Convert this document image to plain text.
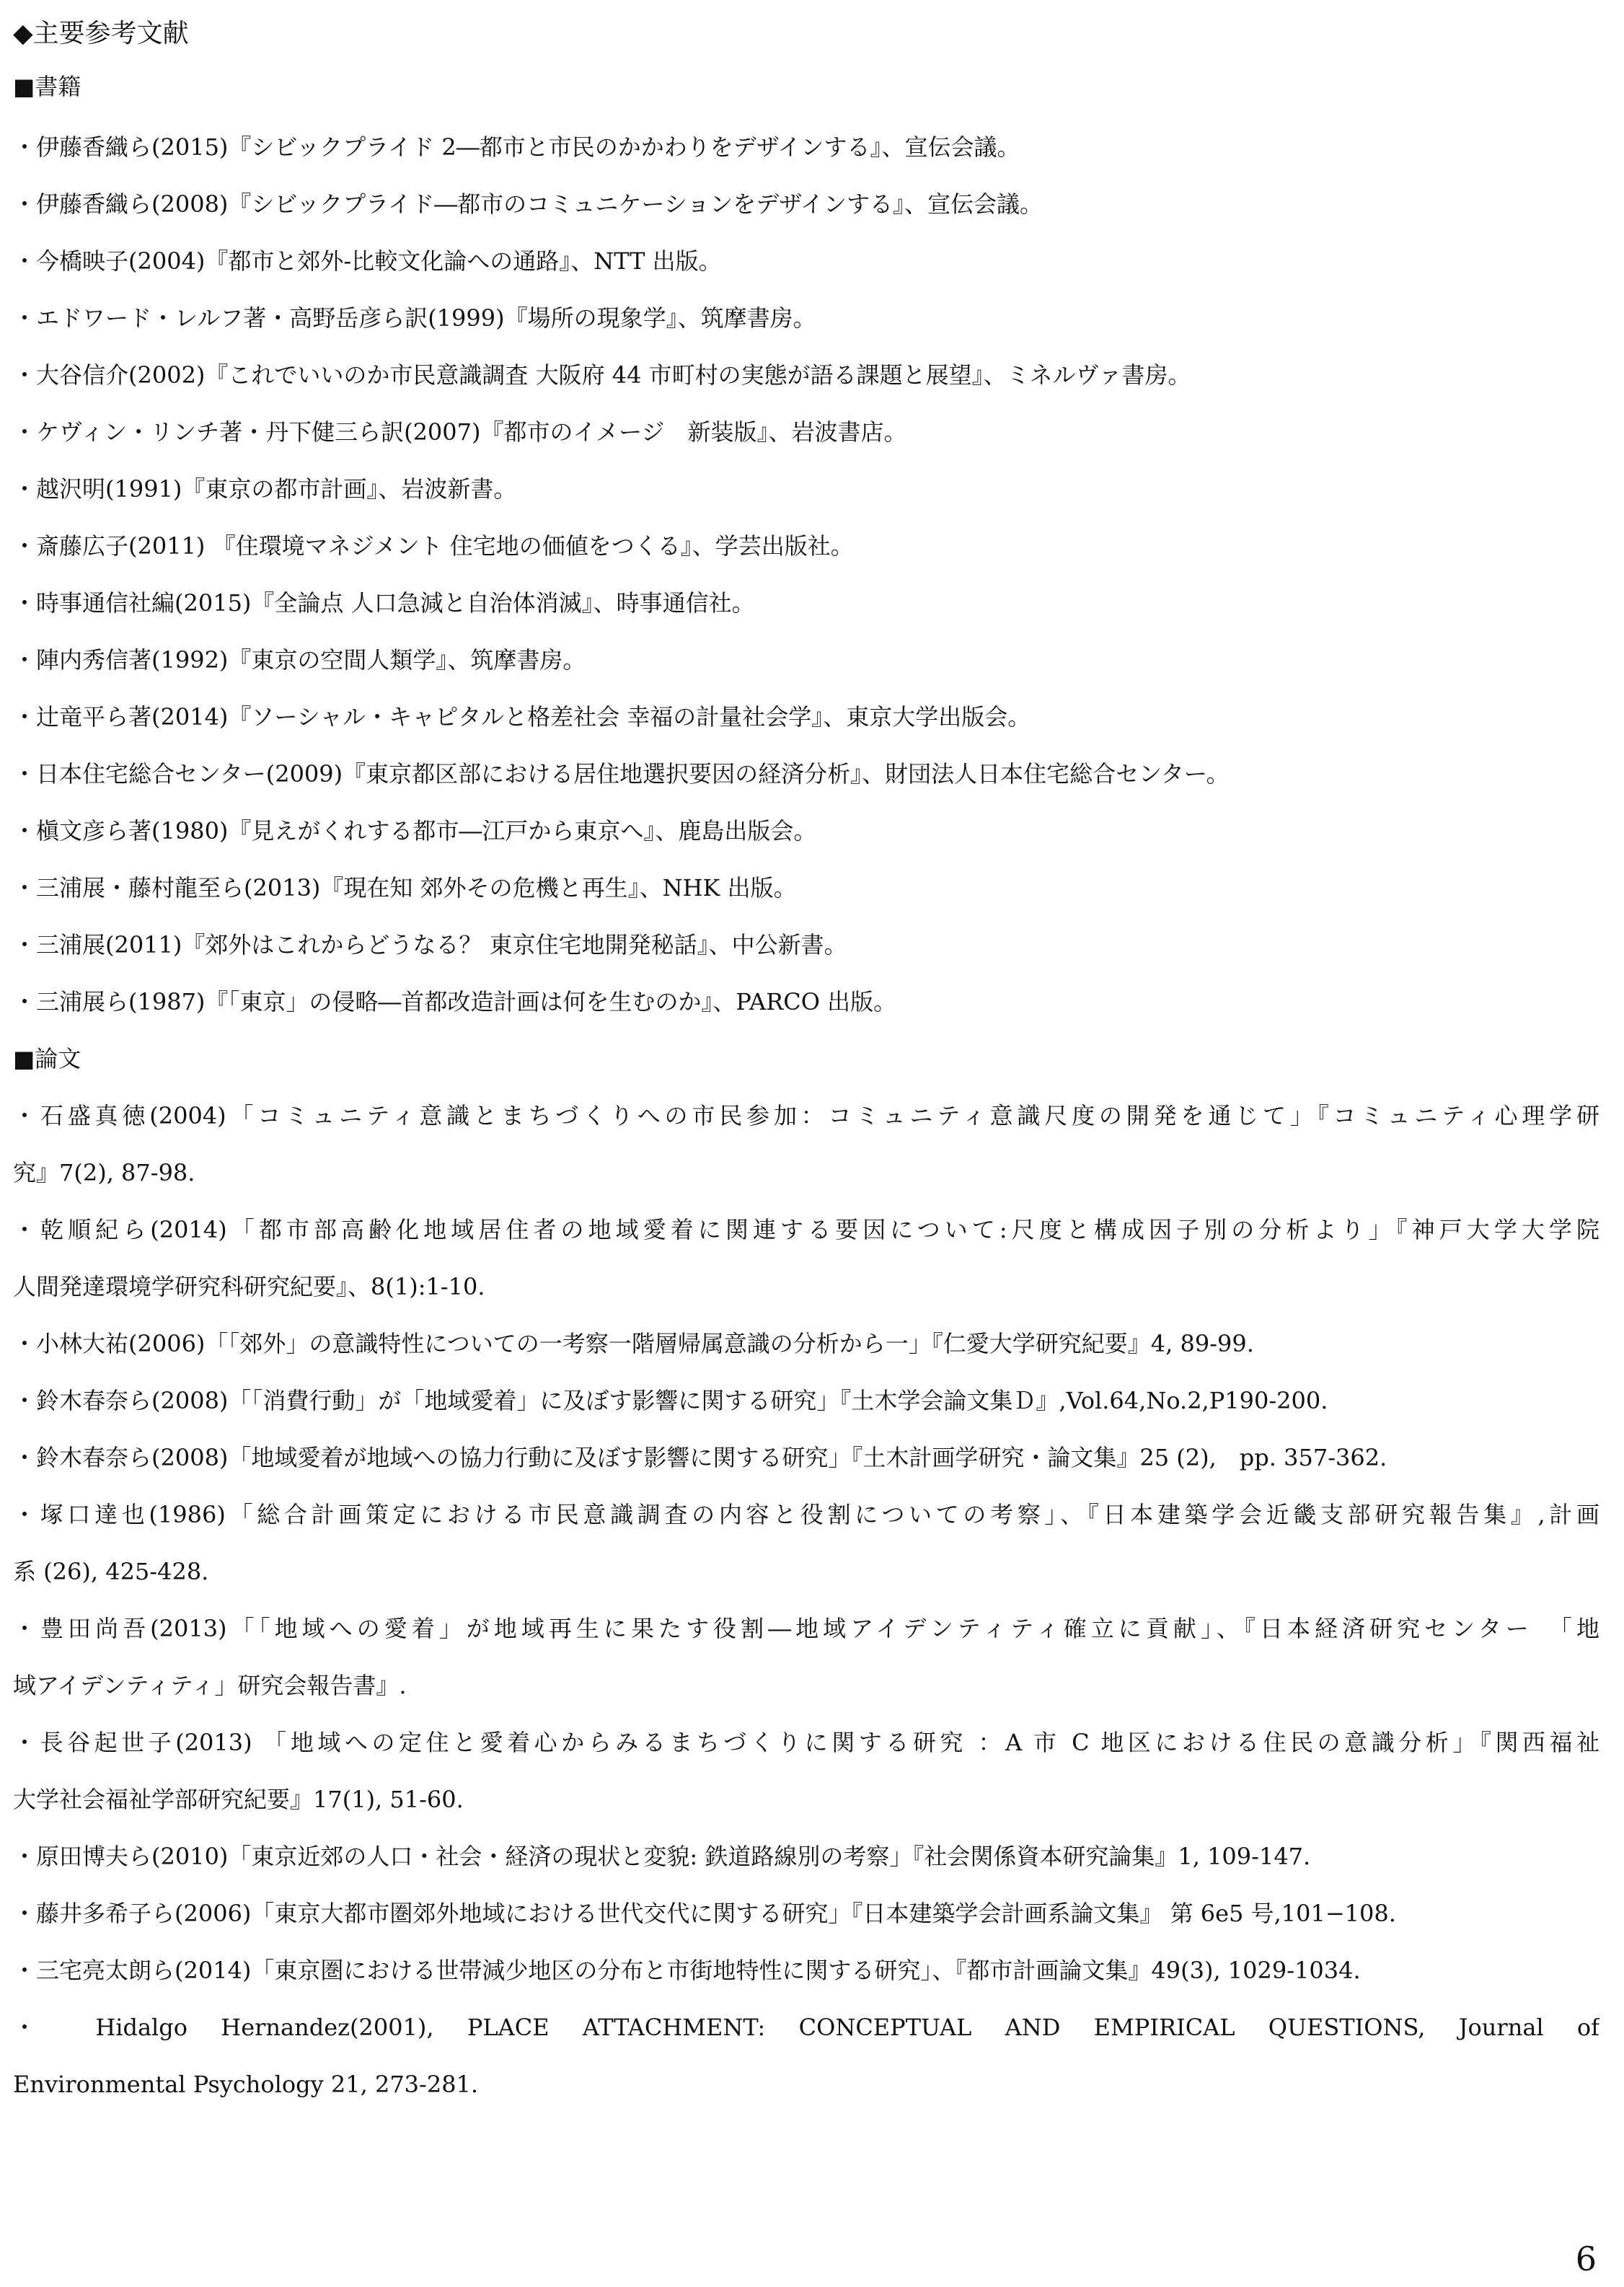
◆主要参考文献
■書籍
・伊藤香織ら(2015)『シビックプライド 2―都市と市民のかかわりをデザインする』、宣伝会議。
・伊藤香織ら(2008)『シビックプライド―都市のコミュニケーションをデザインする』、宣伝会議。
・今橋映子(2004)『都市と郊外-比較文化論への通路』、NTT 出版。
・エドワード・レルフ著・高野岳彦ら訳(1999)『場所の現象学』、筑摩書房。
・大谷信介(2002)『これでいいのか市民意識調査 大阪府 44 市町村の実態が語る課題と展望』、ミネルヴァ書房。
・ケヴィン・リンチ著・丹下健三ら訳(2007)『都市のイメージ　新装版』、岩波書店。
・越沢明(1991)『東京の都市計画』、岩波新書。
・斎藤広子(2011) 『住環境マネジメント 住宅地の価値をつくる』、学芸出版社。
・時事通信社編(2015)『全論点 人口急減と自治体消滅』、時事通信社。
・陣内秀信著(1992)『東京の空間人類学』、筑摩書房。
・辻竜平ら著(2014)『ソーシャル・キャピタルと格差社会 幸福の計量社会学』、東京大学出版会。
・日本住宅総合センター(2009)『東京都区部における居住地選択要因の経済分析』、財団法人日本住宅総合センター。
・槇文彦ら著(1980)『見えがくれする都市―江戸から東京へ』、鹿島出版会。
・三浦展・藤村龍至ら(2013)『現在知 郊外その危機と再生』、NHK 出版。
・三浦展(2011)『郊外はこれからどうなる？ 東京住宅地開発秘話』、中公新書。
・三浦展ら(1987)『「東京」の侵略―首都改造計画は何を生むのか』、PARCO 出版。
■論文
・石盛真徳(2004)「コミュニティ意識とまちづくりへの市民参加：コミュニティ意識尺度の開発を通じて」『コミュニティ心理学研
究』7(2), 87-98.
・乾順紀ら(2014)「都市部高齢化地域居住者の地域愛着に関連する要因について:尺度と構成因子別の分析より」『神戸大学大学院
人間発達環境学研究科研究紀要』、8(1):1-10.
・小林大祐(2006)「「郊外」の意識特性についての一考察一階層帰属意識の分析から一」『仁愛大学研究紀要』4, 89-99.
・鈴木春奈ら(2008)「「消費行動」が「地域愛着」に及ぼす影響に関する研究」『土木学会論文集Ｄ』,Vol.64,No.2,P190-200.
・鈴木春奈ら(2008)「地域愛着が地域への協力行動に及ぼす影響に関する研究」『土木計画学研究・論文集』25 (2),　pp. 357-362.
・塚口達也(1986)「総合計画策定における市民意識調査の内容と役割についての考察」、『日本建築学会近畿支部研究報告集』,計画
系 (26), 425-428.
・豊田尚吾(2013)「「地域への愛着」が地域再生に果たす役割―地域アイデンティティ確立に貢献」、『日本経済研究センター　「地
域アイデンティティ」研究会報告書』.
・長谷起世子(2013) 「地域への定住と愛着心からみるまちづくりに関する研究 ：A 市 C 地区における住民の意識分析」『関西福祉
大学社会福祉学部研究紀要』17(1), 51-60.
・原田博夫ら(2010)「東京近郊の人口・社会・経済の現状と変貌: 鉄道路線別の考察」『社会関係資本研究論集』1, 109-147.
・藤井多希子ら(2006)「東京大都市圏郊外地域における世代交代に関する研究」『日本建築学会計画系論文集』 第 6e5 号,101−108.
・三宅亮太朗ら(2014)「東京圏における世帯減少地区の分布と市街地特性に関する研究」、『都市計画論文集』49(3), 1029-1034.
・ Hidalgo Hernandez(2001), PLACE ATTACHMENT: CONCEPTUAL AND EMPIRICAL QUESTIONS, Journal of
Environmental Psychology 21, 273-281.
6
